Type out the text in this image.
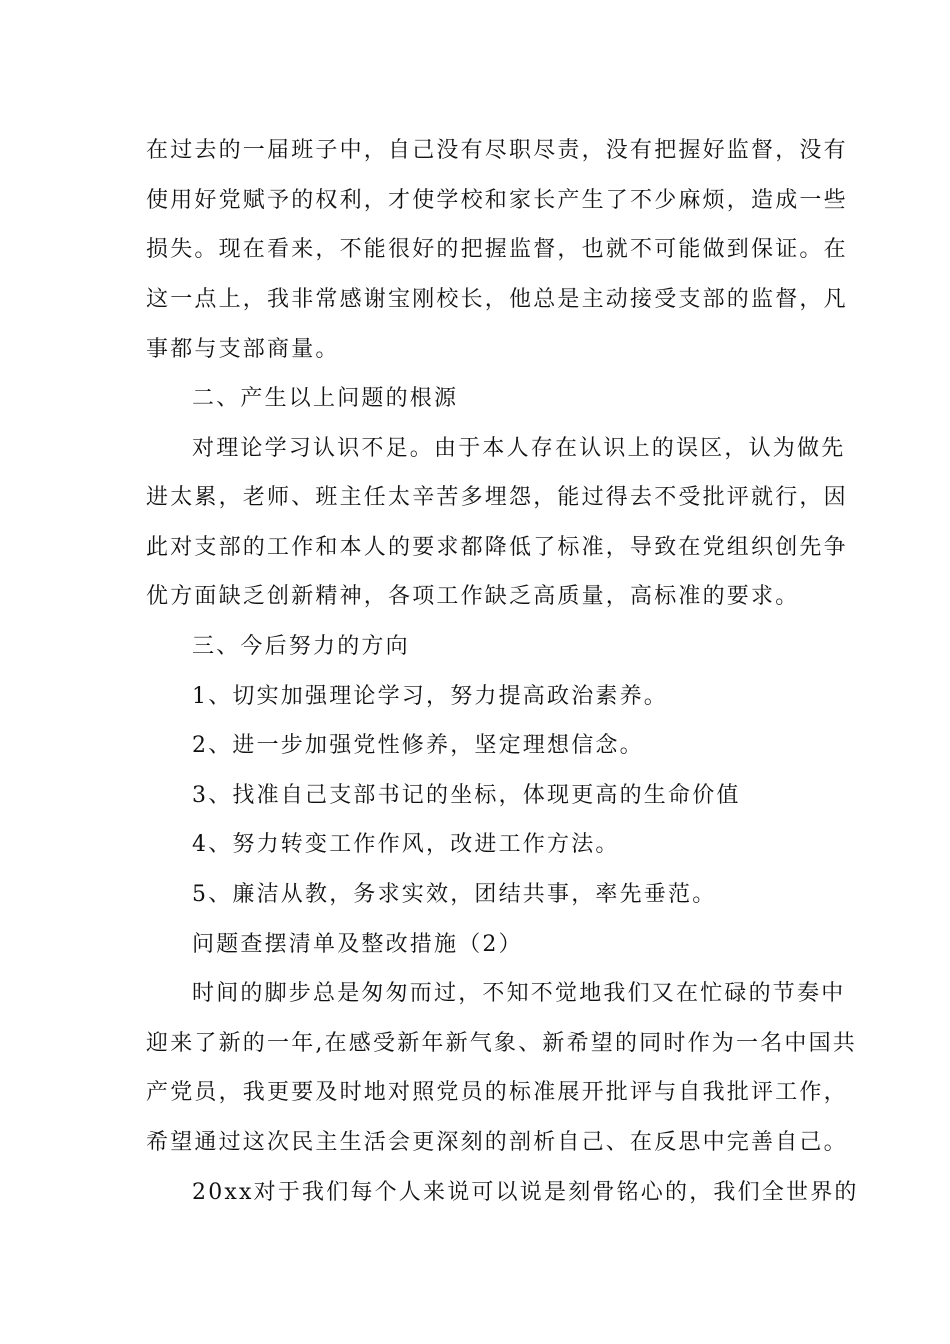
在过去的一届班子中，自己没有尽职尽责，没有把握好监督，没有
使用好党赋予的权利，才使学校和家长产生了不少麻烦，造成一些
损失。现在看来，不能很好的把握监督，也就不可能做到保证。在
这一点上，我非常感谢宝刚校长，他总是主动接受支部的监督，凡
事都与支部商量。
二、产生以上问题的根源
对理论学习认识不足。由于本人存在认识上的误区，认为做先
进太累，老师、班主任太辛苦多埋怨，能过得去不受批评就行，因
此对支部的工作和本人的要求都降低了标准，导致在党组织创先争
优方面缺乏创新精神，各项工作缺乏高质量，高标准的要求。
三、今后努力的方向
1、切实加强理论学习，努力提高政治素养。
2、进一步加强党性修养，坚定理想信念。
3、找准自己支部书记的坐标，体现更高的生命价值
4、努力转变工作作风，改进工作方法。
5、廉洁从教，务求实效，团结共事，率先垂范。
问题查摆清单及整改措施（2）
时间的脚步总是匆匆而过，不知不觉地我们又在忙碌的节奏中
迎来了新的一年,在感受新年新气象、新希望的同时作为一名中国共
产党员，我更要及时地对照党员的标准展开批评与自我批评工作，
希望通过这次民主生活会更深刻的剖析自己、在反思中完善自己。
20xx对于我们每个人来说可以说是刻骨铭心的，我们全世界的
